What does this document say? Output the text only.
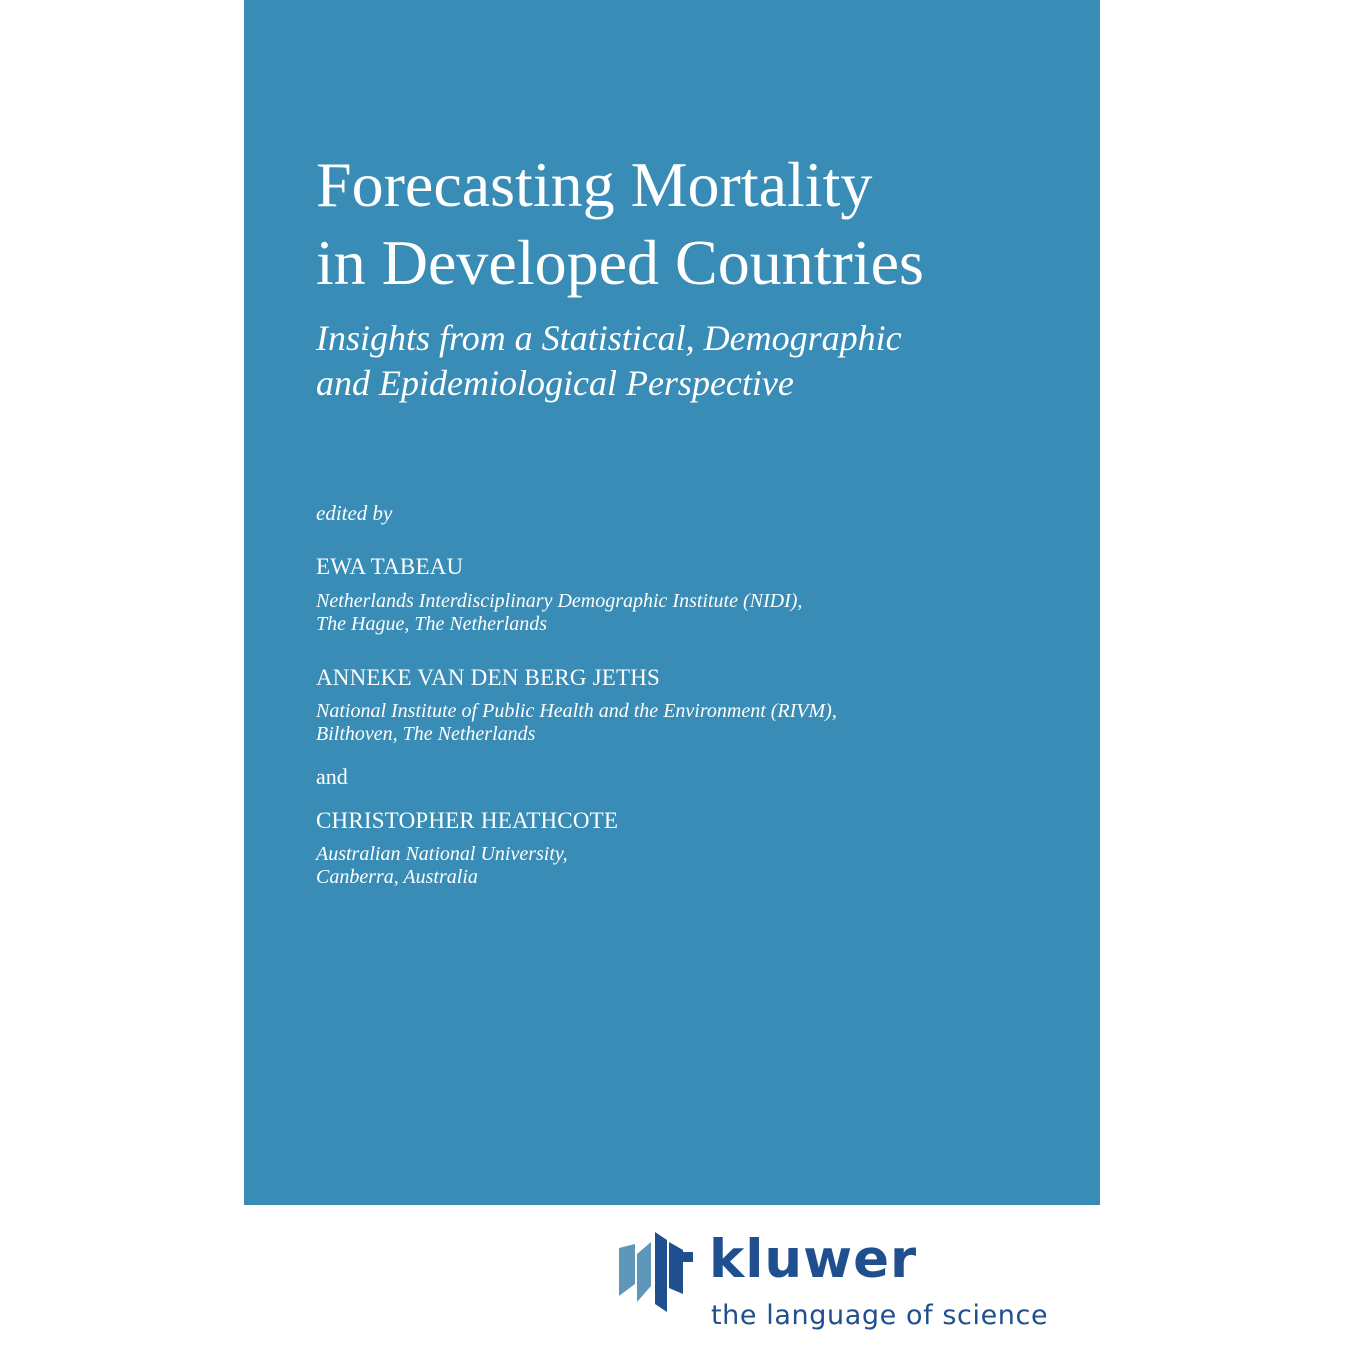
Forecasting Mortality
in Developed Countries

Insights from a Statistical, Demographic
and Epidemiological Perspective

edited by

EWA TABEAU

Netherlands Interdisciplinary Demographic Institute (NIDI),
The Hague, The Netherlands

ANNEKE VAN DEN BERG JETHS

National Institute of Public Health and the Environment (RIVM),
Bilthoven, The Netherlands

and

CHRISTOPHER HEATHCOTE

Australian National University,
Canberra, Australia

kluwer
the language of science
